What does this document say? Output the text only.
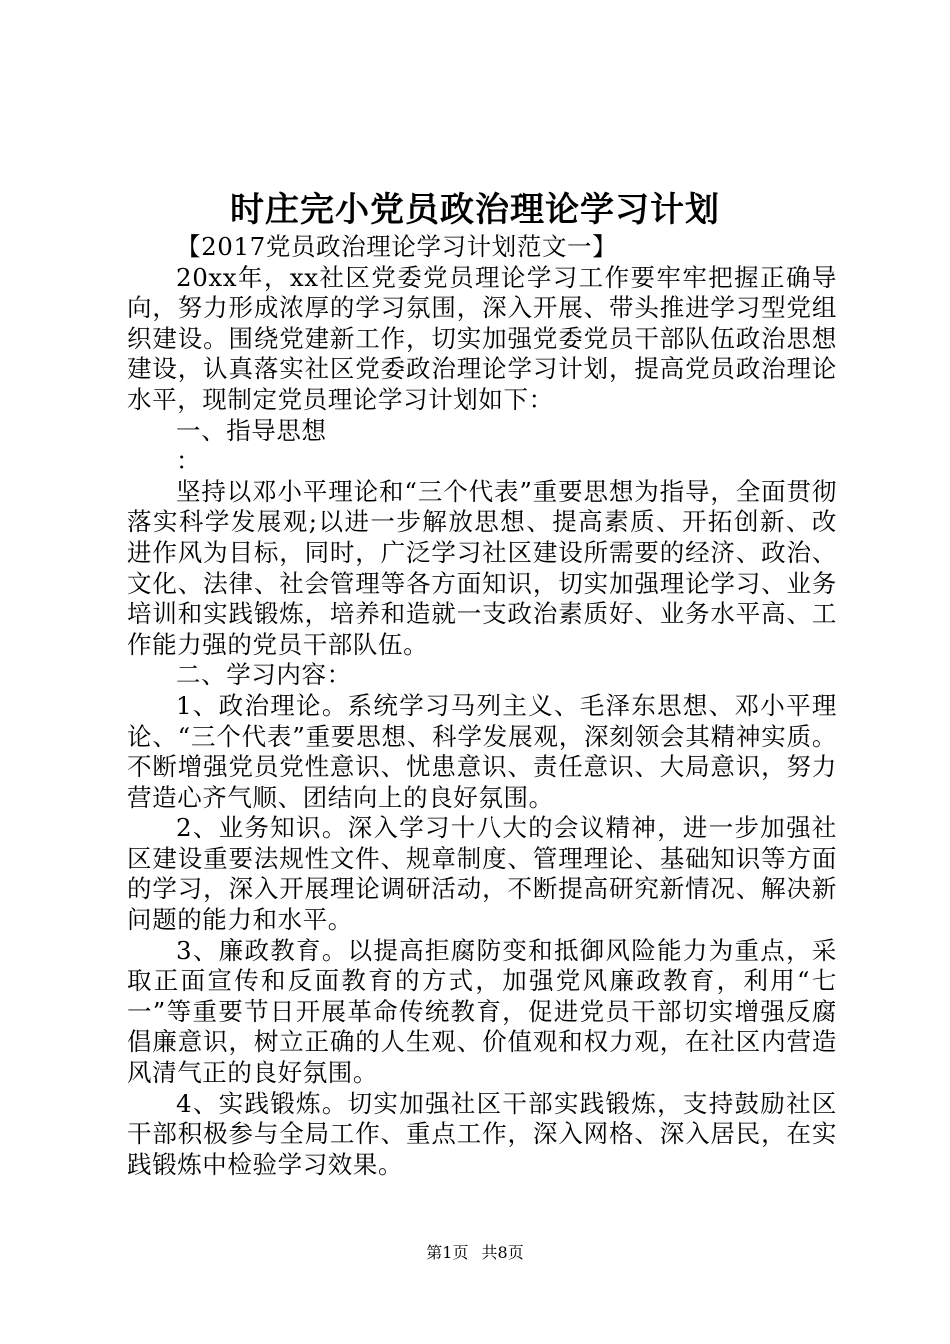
时庄完小党员政治理论学习计划

【2017党员政治理论学习计划范文一】

20xx年，xx社区党委党员理论学习工作要牢牢把握正确导向，努力形成浓厚的学习氛围，深入开展、带头推进学习型党组织建设。围绕党建新工作，切实加强党委党员干部队伍政治思想建设，认真落实社区党委政治理论学习计划，提高党员政治理论水平，现制定党员理论学习计划如下：

一、指导思想

：

坚持以邓小平理论和“三个代表”重要思想为指导，全面贯彻落实科学发展观;以进一步解放思想、提高素质、开拓创新、改进作风为目标，同时，广泛学习社区建设所需要的经济、政治、文化、法律、社会管理等各方面知识，切实加强理论学习、业务培训和实践锻炼，培养和造就一支政治素质好、业务水平高、工作能力强的党员干部队伍。

二、学习内容：

1、政治理论。系统学习马列主义、毛泽东思想、邓小平理论、“三个代表”重要思想、科学发展观，深刻领会其精神实质。不断增强党员党性意识、忧患意识、责任意识、大局意识，努力营造心齐气顺、团结向上的良好氛围。

2、业务知识。深入学习十八大的会议精神，进一步加强社区建设重要法规性文件、规章制度、管理理论、基础知识等方面的学习，深入开展理论调研活动，不断提高研究新情况、解决新问题的能力和水平。

3、廉政教育。以提高拒腐防变和抵御风险能力为重点，采取正面宣传和反面教育的方式，加强党风廉政教育，利用“七一”等重要节日开展革命传统教育，促进党员干部切实增强反腐倡廉意识，树立正确的人生观、价值观和权力观，在社区内营造风清气正的良好氛围。

4、实践锻炼。切实加强社区干部实践锻炼，支持鼓励社区干部积极参与全局工作、重点工作，深入网格、深入居民，在实践锻炼中检验学习效果。

第1页 共8页
